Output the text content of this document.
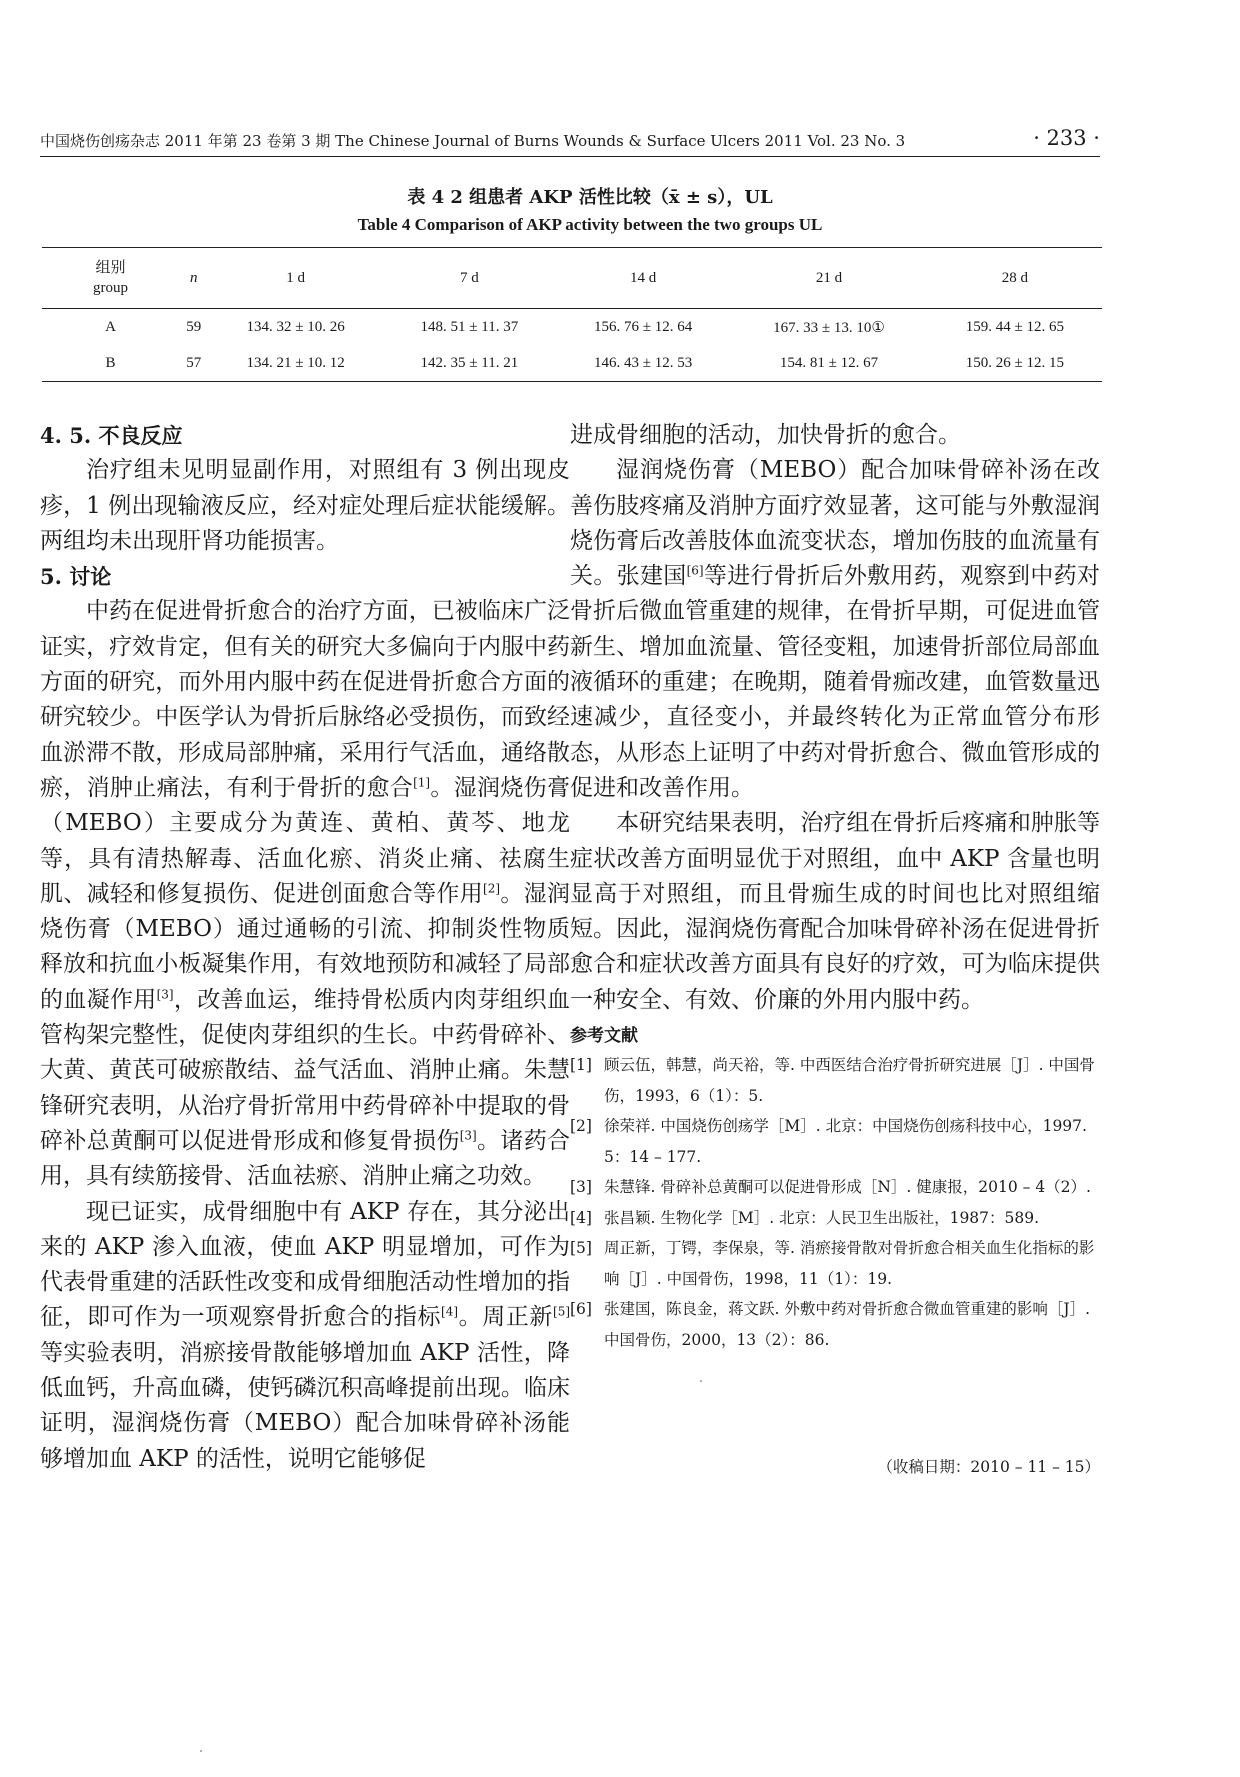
中国烧伤创疡杂志 2011 年第 23 卷第 3 期 The Chinese Journal of Burns Wounds & Surface Ulcers 2011 Vol. 23 No. 3	· 233 ·
表 4 2 组患者 AKP 活性比较（x̄ ± s），UL
Table 4 Comparison of AKP activity between the two groups UL
组别
group	n	1 d	7 d	14 d	21 d	28 d
A	59	134. 32 ± 10. 26	148. 51 ± 11. 37	156. 76 ± 12. 64	167. 33 ± 13. 10①	159. 44 ± 12. 65
B	57	134. 21 ± 10. 12	142. 35 ± 11. 21	146. 43 ± 12. 53	154. 81 ± 12. 67	150. 26 ± 12. 15
4. 5. 不良反应

治疗组未见明显副作用，对照组有 3 例出现皮疹，1 例出现输液反应，经对症处理后症状能缓解。两组均未出现肝肾功能损害。

5. 讨论

中药在促进骨折愈合的治疗方面，已被临床广泛证实，疗效肯定，但有关的研究大多偏向于内服中药方面的研究，而外用内服中药在促进骨折愈合方面的研究较少。中医学认为骨折后脉络必受损伤，而致经血淤滞不散，形成局部肿痛，采用行气活血，通络散瘀，消肿止痛法，有利于骨折的愈合[1]。湿润烧伤膏（MEBO）主要成分为黄连、黄柏、黄芩、地龙等，具有清热解毒、活血化瘀、消炎止痛、祛腐生肌、减轻和修复损伤、促进创面愈合等作用[2]。湿润烧伤膏（MEBO）通过通畅的引流、抑制炎性物质释放和抗血小板凝集作用，有效地预防和减轻了局部的血凝作用[3]，改善血运，维持骨松质内肉芽组织血管构架完整性，促使肉芽组织的生长。中药骨碎补、大黄、黄芪可破瘀散结、益气活血、消肿止痛。朱慧锋研究表明，从治疗骨折常用中药骨碎补中提取的骨碎补总黄酮可以促进骨形成和修复骨损伤[3]。诸药合用，具有续筋接骨、活血祛瘀、消肿止痛之功效。

现已证实，成骨细胞中有 AKP 存在，其分泌出来的 AKP 渗入血液，使血 AKP 明显增加，可作为代表骨重建的活跃性改变和成骨细胞活动性增加的指征，即可作为一项观察骨折愈合的指标[4]。周正新[5]等实验表明，消瘀接骨散能够增加血 AKP 活性，降低血钙，升高血磷，使钙磷沉积高峰提前出现。临床证明，湿润烧伤膏（MEBO）配合加味骨碎补汤能够增加血 AKP 的活性，说明它能够促

进成骨细胞的活动，加快骨折的愈合。

湿润烧伤膏（MEBO）配合加味骨碎补汤在改善伤肢疼痛及消肿方面疗效显著，这可能与外敷湿润烧伤膏后改善肢体血流变状态，增加伤肢的血流量有关。张建国[6]等进行骨折后外敷用药，观察到中药对骨折后微血管重建的规律，在骨折早期，可促进血管新生、增加血流量、管径变粗，加速骨折部位局部血液循环的重建；在晚期，随着骨痂改建，血管数量迅速减少，直径变小，并最终转化为正常血管分布形态，从形态上证明了中药对骨折愈合、微血管形成的促进和改善作用。

本研究结果表明，治疗组在骨折后疼痛和肿胀等症状改善方面明显优于对照组，血中 AKP 含量也明显高于对照组，而且骨痂生成的时间也比对照组缩短。因此，湿润烧伤膏配合加味骨碎补汤在促进骨折愈合和症状改善方面具有良好的疗效，可为临床提供一种安全、有效、价廉的外用内服中药。

参考文献
[1] 顾云伍，韩慧，尚天裕，等. 中西医结合治疗骨折研究进展［J］. 中国骨伤，1993，6（1）：5.
[2] 徐荣祥. 中国烧伤创疡学［M］. 北京：中国烧伤创疡科技中心，1997. 5：14 – 177.
[3] 朱慧锋. 骨碎补总黄酮可以促进骨形成［N］. 健康报，2010 – 4（2）.
[4] 张昌颖. 生物化学［M］. 北京：人民卫生出版社，1987：589.
[5] 周正新，丁锷，李保泉，等. 消瘀接骨散对骨折愈合相关血生化指标的影响［J］. 中国骨伤，1998，11（1）：19.
[6] 张建国，陈良金，蒋文跃. 外敷中药对骨折愈合微血管重建的影响［J］. 中国骨伤，2000，13（2）：86.
（收稿日期：2010 – 11 – 15）
